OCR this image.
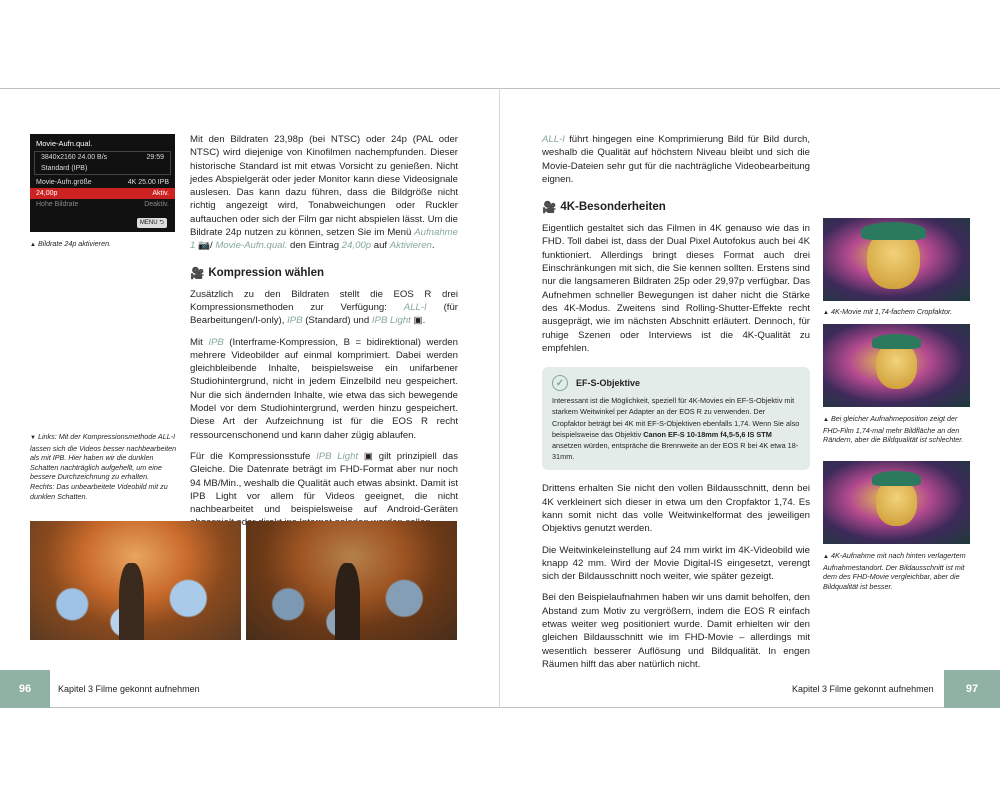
Movie-Aufn.qual.
3840x2160 24.00 B/s	29:59
Standard (IPB)
Movie-Aufn.größe	4K 25.00 IPB
24,00p	Aktiv.
Hohe Bildrate	Deaktiv.
MENU ⮌
▲ Bildrate 24p aktivieren.

Mit den Bildraten 23,98p (bei NTSC) oder 24p (PAL oder NTSC) wird diejenige von Kinofilmen nachempfunden. Dieser historische Standard ist mit etwas Vorsicht zu genießen. Nicht jedes Abspielgerät oder jeder Monitor kann diese Videosignale auslesen. Das kann dazu führen, dass die Bildgröße nicht richtig angezeigt wird, Tonabweichungen oder Ruckler auftauchen oder sich der Film gar nicht abspielen lässt. Um die Bildrate 24p nutzen zu können, setzen Sie im Menü Aufnahme 1 📷/ Movie-Aufn.qual. den Eintrag 24,00p auf Aktivieren.

🎥 Kompression wählen

Zusätzlich zu den Bildraten stellt die EOS R drei Kompressionsmethoden zur Verfügung: ALL-I (für Bearbeitungen/I-only), IPB (Standard) und IPB Light ▣.

Mit IPB (Interframe-Kompression, B = bidirektional) werden mehrere Videobilder auf einmal komprimiert. Dabei werden gleichbleibende Inhalte, beispielsweise ein unifarbener Studiohintergrund, nicht in jedem Einzelbild neu gespeichert. Nur die sich ändernden Inhalte, wie etwa das sich bewegende Model vor dem Studiohintergrund, werden hinzu gespeichert. Diese Art der Aufzeichnung ist für die EOS R recht ressourcenschonend und kann daher zügig ablaufen.

Für die Kompressionsstufe IPB Light ▣ gilt prinzipiell das Gleiche. Die Datenrate beträgt im FHD-Format aber nur noch 94 MB/Min., weshalb die Qualität auch etwas absinkt. Damit ist IPB Light vor allem für Videos geeignet, die nicht nachbearbeitet und beispielsweise auf Android-Geräten

▼ Links: Mit der Kompressionsmethode ALL-I lassen sich die Videos besser nachbearbeiten als mit IPB. Hier haben wir die dunklen Schatten nachträglich aufgehellt, um eine bessere Durchzeichnung zu erhalten.
Rechts: Das unbearbeitete Videobild mit zu dunklen Schatten.
96	Kapitel 3 Filme gekonnt aufnehmen

ALL-I führt hingegen eine Komprimierung Bild für Bild durch, weshalb die Qualität auf höchstem Niveau bleibt und sich die Movie-Dateien sehr gut für die nachträgliche Videobearbeitung eignen.

🎥 4K-Besonderheiten

Eigentlich gestaltet sich das Filmen in 4K genauso wie das in FHD. Toll dabei ist, dass der Dual Pixel Autofokus auch bei 4K funktioniert. Allerdings bringt dieses Format auch drei Einschränkungen mit sich, die Sie kennen sollten. Erstens sind nur die langsameren Bildraten 25p oder 29,97p verfügbar. Das Aufnehmen schneller Bewegungen ist daher nicht die Stärke des 4K-Modus. Zweitens sind Rolling-Shutter-Effekte recht ausgeprägt, wie im nächsten Abschnitt erläutert. Dennoch, für ruhige Szenen oder Interviews ist die 4K-Qualität zu empfehlen.

✓	EF-S-Objektive
Interessant ist die Möglichkeit, speziell für 4K-Movies ein EF-S-Objektiv mit starkem Weitwinkel per Adapter an der EOS R zu verwenden. Der Cropfaktor beträgt bei 4K mit EF-S-Objektiven ebenfalls 1,74. Wenn Sie also beispielsweise das Objektiv Canon EF-S 10-18mm f4,5-5,6 IS STM ansetzen würden, entspräche die Brennweite an der EOS R bei 4K etwa 18-31mm.

Drittens erhalten Sie nicht den vollen Bildausschnitt, denn bei 4K verkleinert sich dieser in etwa um den Cropfaktor 1,74. Es kann somit nicht das volle Weitwinkelformat des jeweiligen Objektivs genutzt werden.

Die Weitwinkeleinstellung auf 24 mm wirkt im 4K-Videobild wie knapp 42 mm. Wird der Movie Digital-IS eingesetzt, verengt sich der Bildausschnitt noch weiter, wie später gezeigt.

Bei den Beispielaufnahmen haben wir uns damit beholfen, den Abstand zum Motiv zu vergrößern, indem die EOS R einfach etwas weiter weg positioniert wurde. Damit erhielten wir den gleichen Bildausschnitt wie im FHD-Movie – allerdings mit wesentlich besserer Auflösung und Bildqualität. In engen Räumen hilft das aber natürlich nicht.

▲ 4K-Movie mit 1,74-fachem Cropfaktor.
▲ Bei gleicher Aufnahmeposition zeigt der FHD-Film 1,74-mal mehr Bildfläche an den Rändern, aber die Bildqualität ist schlechter.
▲ 4K-Aufnahme mit nach hinten verlagertem Aufnahmestandort. Der Bildausschnitt ist mit dem des FHD-Movie vergleichbar, aber die Bildqualität ist besser.
97
Kapitel 3 Filme gekonnt aufnehmen
